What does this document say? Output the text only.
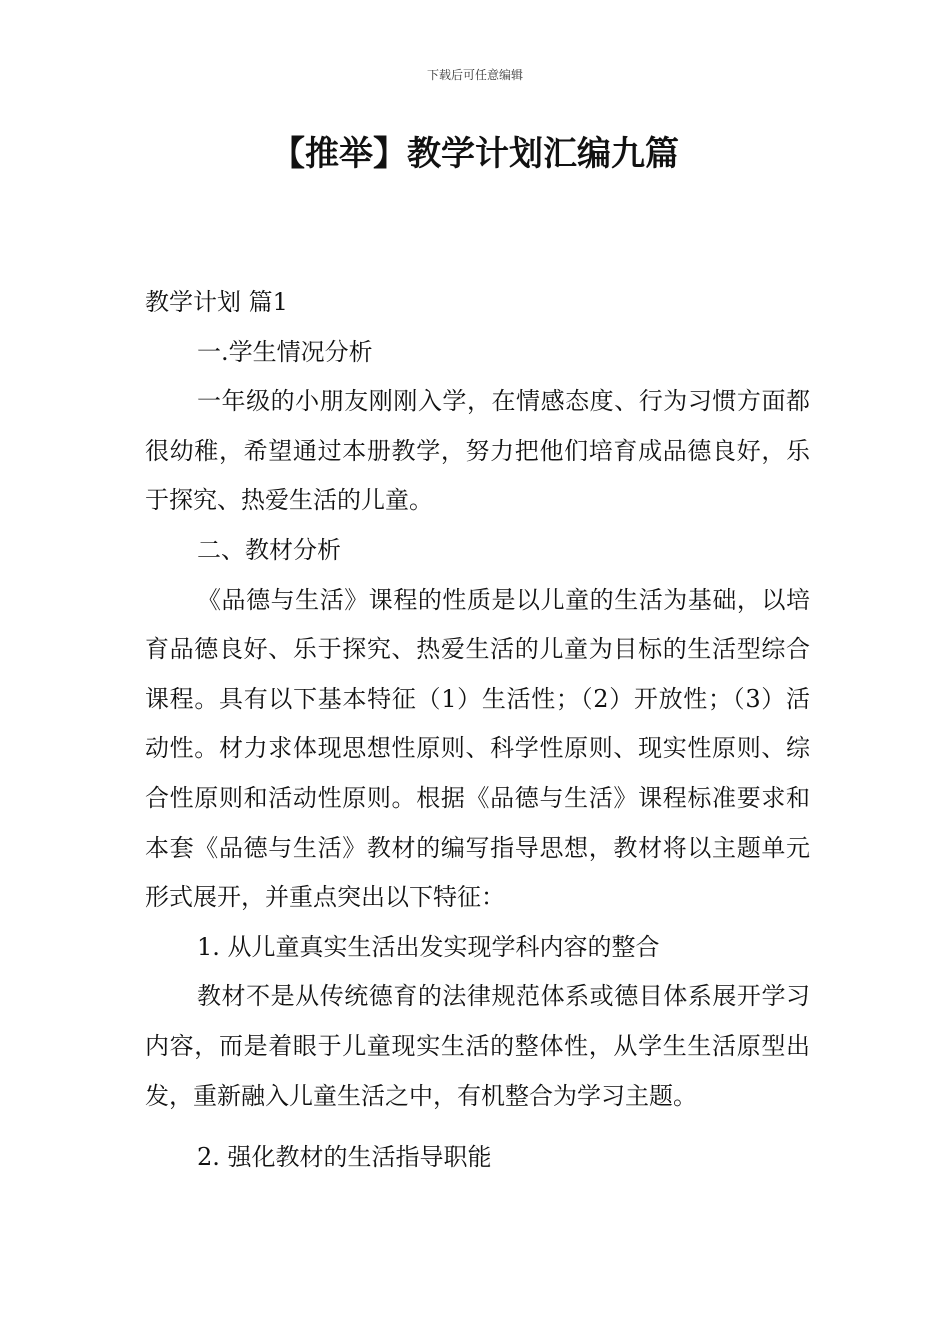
下载后可任意编辑
【推举】教学计划汇编九篇

教学计划 篇1

一.学生情况分析

一年级的小朋友刚刚入学，在情感态度、行为习惯方面都很幼稚，希望通过本册教学，努力把他们培育成品德良好，乐于探究、热爱生活的儿童。

二、教材分析

《品德与生活》课程的性质是以儿童的生活为基础，以培育品德良好、乐于探究、热爱生活的儿童为目标的生活型综合课程。具有以下基本特征（1）生活性；（2）开放性；（3）活动性。材力求体现思想性原则、科学性原则、现实性原则、综合性原则和活动性原则。根据《品德与生活》课程标准要求和本套《品德与生活》教材的编写指导思想，教材将以主题单元形式展开，并重点突出以下特征：

1. 从儿童真实生活出发实现学科内容的整合

教材不是从传统德育的法律规范体系或德目体系展开学习内容，而是着眼于儿童现实生活的整体性，从学生生活原型出发，重新融入儿童生活之中，有机整合为学习主题。

2. 强化教材的生活指导职能
